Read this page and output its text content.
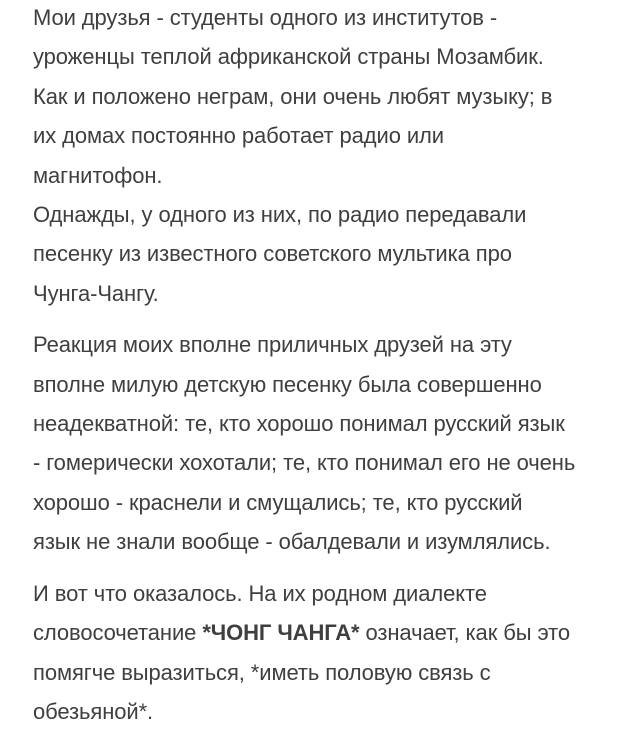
Мои друзья - студенты одного из институтов -
уроженцы теплой африканской страны Мозамбик.
Как и положено неграм, они очень любят музыку; в
их домах постоянно работает радио или
магнитофон.
Однажды, у одного из них, по радио передавали
песенку из известного советского мультика про
Чунга-Чангу.

Реакция моих вполне приличных друзей на эту
вполне милую детскую песенку была совершенно
неадекватной: те, кто хорошо понимал русский язык
- гомерически хохотали; те, кто понимал его не очень
хорошо - краснели и смущались; те, кто русский
язык не знали вообще - обалдевали и изумлялись.

И вот что оказалось. На их родном диалекте
словосочетание *ЧОНГ ЧАНГА* означает, как бы это
помягче выразиться, *иметь половую связь с
обезьяной*.
